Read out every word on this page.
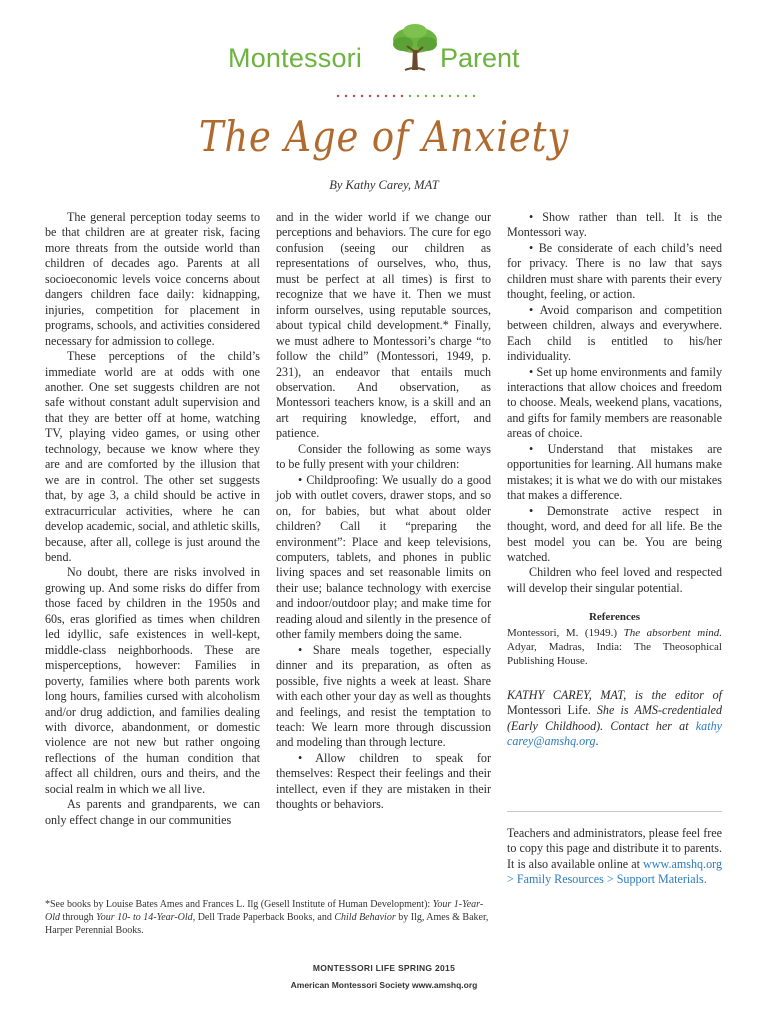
Montessori	Parent
The Age of Anxiety
By Kathy Carey, MAT

The general perception today seems to be that children are at greater risk, facing more threats from the outside world than children of decades ago. Parents at all socioeconomic levels voice concerns about dangers children face daily: kidnapping, injuries, competition for placement in programs, schools, and activities considered necessary for admission to college.

These perceptions of the child’s immediate world are at odds with one another. One set suggests children are not safe without constant adult supervision and that they are better off at home, watching TV, playing video games, or using other technology, because we know where they are and are comforted by the illusion that we are in control. The other set suggests that, by age 3, a child should be active in extracurricular activities, where he can develop academic, social, and athletic skills, because, after all, college is just around the bend.

No doubt, there are risks involved in growing up. And some risks do differ from those faced by children in the 1950s and 60s, eras glorified as times when children led idyllic, safe existences in well-kept, middle-class neighborhoods. These are misperceptions, however: Families in poverty, families where both parents work long hours, families cursed with alcoholism and/or drug addiction, and families dealing with divorce, abandonment, or domestic violence are not new but rather ongoing reflections of the human condition that affect all children, ours and theirs, and the social realm in which we all live.

As parents and grandparents, we can only effect change in our communities

and in the wider world if we change our perceptions and behaviors. The cure for ego confusion (seeing our children as representations of ourselves, who, thus, must be perfect at all times) is first to recognize that we have it. Then we must inform ourselves, using reputable sources, about typical child development.* Finally, we must adhere to Montessori’s charge “to follow the child” (Montessori, 1949, p. 231), an endeavor that entails much observation. And observation, as Montessori teachers know, is a skill and an art requiring knowledge, effort, and patience.

Consider the following as some ways to be fully present with your children:

• Childproofing: We usually do a good job with outlet covers, drawer stops, and so on, for babies, but what about older children? Call it “preparing the environment”: Place and keep televisions, computers, tablets, and phones in public living spaces and set reasonable limits on their use; balance technology with exercise and indoor/outdoor play; and make time for reading aloud and silently in the presence of other family members doing the same.

• Share meals together, especially dinner and its preparation, as often as possible, five nights a week at least. Share with each other your day as well as thoughts and feelings, and resist the temptation to teach: We learn more through discussion and modeling than through lecture.

• Allow children to speak for themselves: Respect their feelings and their intellect, even if they are mistaken in their thoughts or behaviors.

• Show rather than tell. It is the Montessori way.

• Be considerate of each child’s need for privacy. There is no law that says children must share with parents their every thought, feeling, or action.

• Avoid comparison and competition between children, always and everywhere. Each child is entitled to his/her individuality.

• Set up home environments and family interactions that allow choices and freedom to choose. Meals, weekend plans, vacations, and gifts for family members are reasonable areas of choice.

• Understand that mistakes are opportunities for learning. All humans make mistakes; it is what we do with our mistakes that makes a difference.

• Demonstrate active respect in thought, word, and deed for all life. Be the best model you can be. You are being watched.

Children who feel loved and respected will develop their singular potential.

References

Montessori, M. (1949.) The absorbent mind. Adyar, Madras, India: The Theosophical Publishing House.

KATHY CAREY, MAT, is the editor of Montessori Life. She is AMS-credentialed (Early Childhood). Contact her at kathy carey@amshq.org.

Teachers and administrators, please feel free to copy this page and distribute it to parents. It is also available online at www.amshq.org > Family Resources > Support Materials.
*See books by Louise Bates Ames and Frances L. Ilg (Gesell Institute of Human Development): Your 1-Year-Old through Your 10- to 14-Year-Old, Dell Trade Paperback Books, and Child Behavior by Ilg, Ames & Baker, Harper Perennial Books.
MONTESSORI LIFE SPRING 2015
American Montessori Society www.amshq.org
